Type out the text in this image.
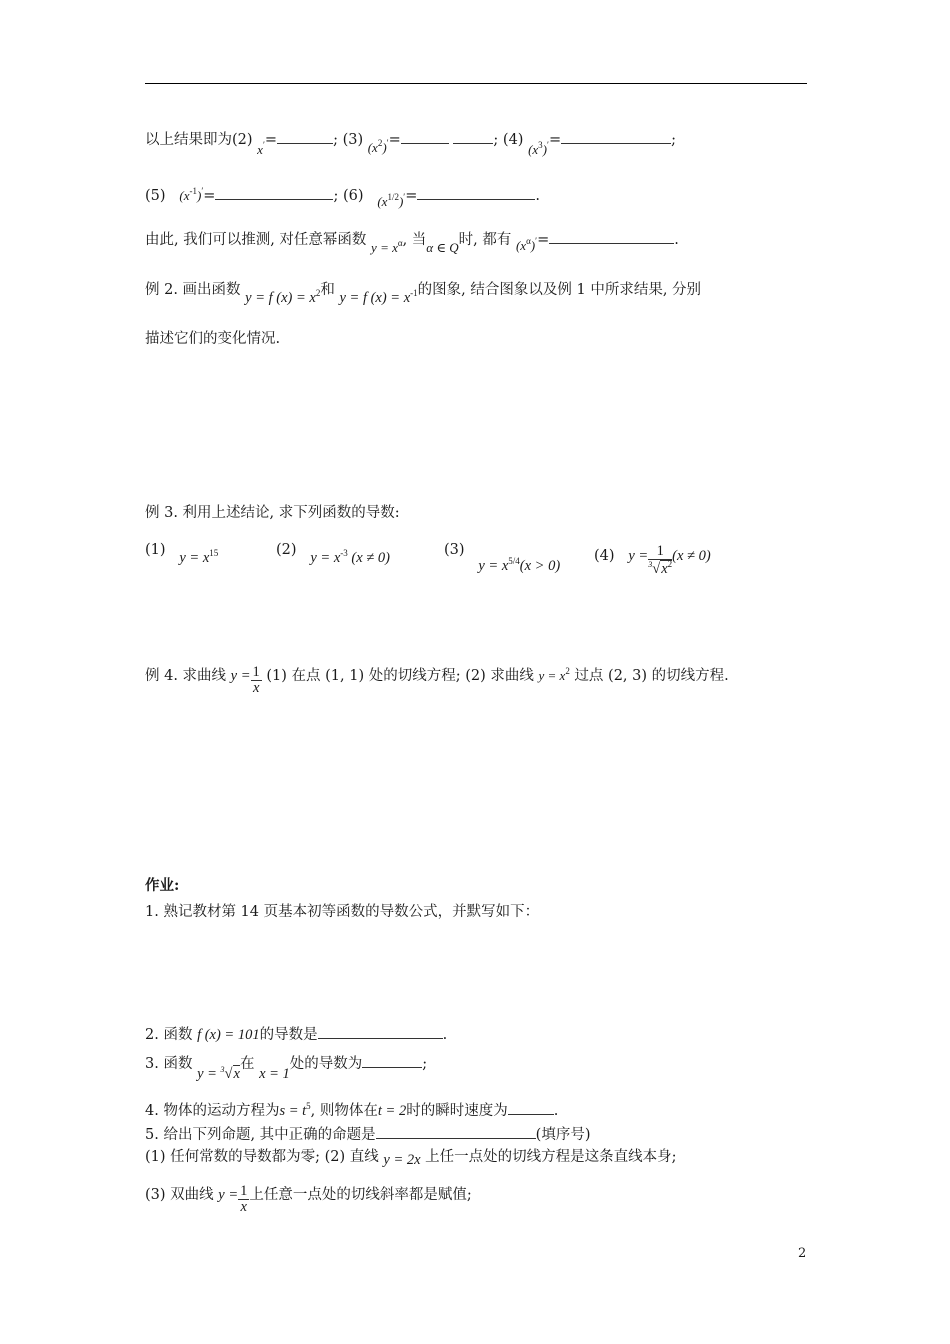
以上结果即为(2) x′=	; (3) $(x^2)'=$	; (4) $(x^3)'=$	;
(5) $(x^{-1})'=$	; (6) $(x^{1/2})'=$	.
由此, 我们可以推测, 对任意幂函数 $y = x^\alpha$, 当α ∈ Q时, 都有 $(x^\alpha)'=$	.
例 2. 画出函数 y = f $(x) = x^2$和 y = f $(x) = x^{-1}$的图象, 结合图象以及例 1 中所求结果, 分别
描述它们的变化情况.
例 3. 利用上述结论, 求下列函数的导数:
(1) $y = x^{15}$	(2) $y = x^{-3}$ (x ≠ 0)	(3)   $y = x^{5/4}(x > 0)$
(4) $y = \frac{1}{^3√x^2} (x \ne 0)$
例 4. 求曲线 $y = \frac{1}{x} (1)$ 在点 (1, 1) 处的切线方程; (2) 求曲线 $y = x^2$ 过点 (2, 3) 的切线方程.
作业:
1. 熟记教材第 14 页基本初等函数的导数公式，并默写如下：
2. 函数 f (x) = 101的导数是	.
3. 函数 y = $^3$√x在 x = 1处的导数为	;
4. 物体的运动方程为$s = t^5$, 则物体在t = 2时的瞬时速度为	.
5. 给出下列命题, 其中正确的命题是	(填序号)
(1) 任何常数的导数都为零; (2) 直线 y = 2x 上任一点处的切线方程是这条直线本身;
(3) 双曲线 $y = \frac{1}{x}$ 上任意一点处的切线斜率都是赋值;
2
